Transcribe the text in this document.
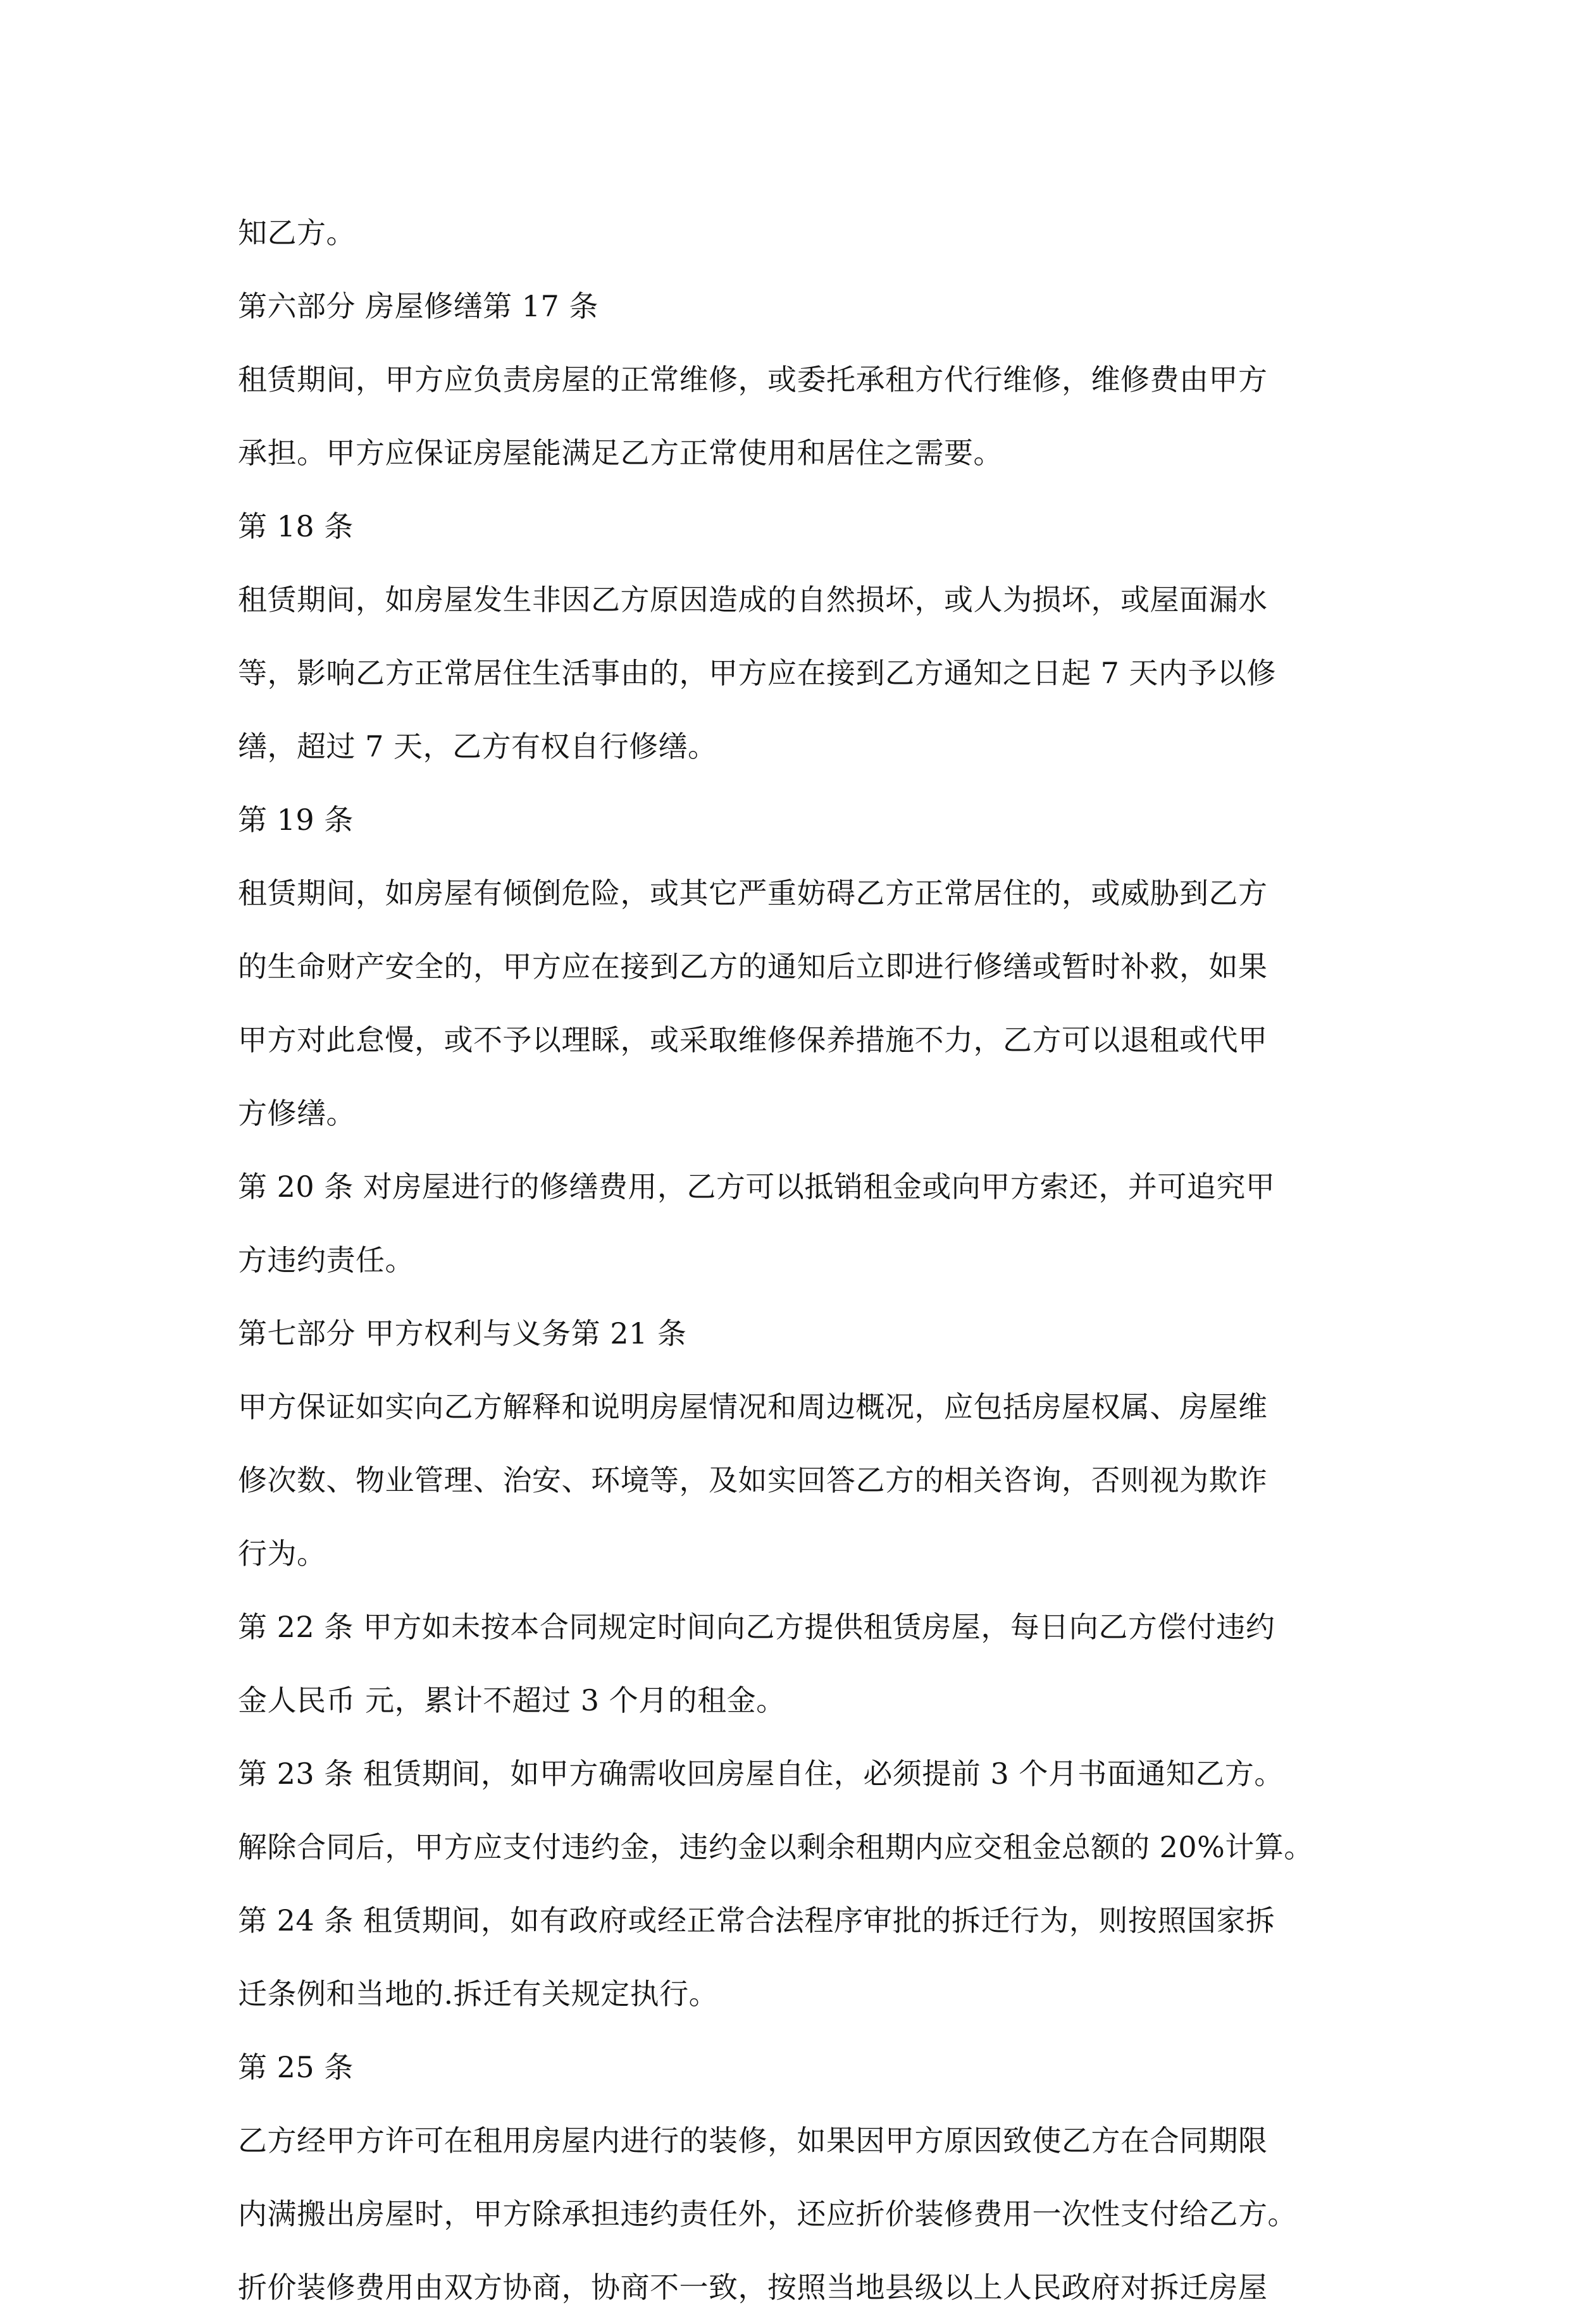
知乙方。
第六部分 房屋修缮第 17 条
租赁期间，甲方应负责房屋的正常维修，或委托承租方代行维修，维修费由甲方
承担。甲方应保证房屋能满足乙方正常使用和居住之需要。
第 18 条
租赁期间，如房屋发生非因乙方原因造成的自然损坏，或人为损坏，或屋面漏水
等，影响乙方正常居住生活事由的，甲方应在接到乙方通知之日起 7 天内予以修
缮，超过 7 天，乙方有权自行修缮。
第 19 条
租赁期间，如房屋有倾倒危险，或其它严重妨碍乙方正常居住的，或威胁到乙方
的生命财产安全的，甲方应在接到乙方的通知后立即进行修缮或暂时补救，如果
甲方对此怠慢，或不予以理睬，或采取维修保养措施不力，乙方可以退租或代甲
方修缮。
第 20 条 对房屋进行的修缮费用，乙方可以抵销租金或向甲方索还，并可追究甲
方违约责任。
第七部分 甲方权利与义务第 21 条
甲方保证如实向乙方解释和说明房屋情况和周边概况，应包括房屋权属、房屋维
修次数、物业管理、治安、环境等，及如实回答乙方的相关咨询，否则视为欺诈
行为。
第 22 条 甲方如未按本合同规定时间向乙方提供租赁房屋，每日向乙方偿付违约
金人民币 元，累计不超过 3 个月的租金。
第 23 条 租赁期间，如甲方确需收回房屋自住，必须提前 3 个月书面通知乙方。
解除合同后，甲方应支付违约金，违约金以剩余租期内应交租金总额的 20%计算。
第 24 条 租赁期间，如有政府或经正常合法程序审批的拆迁行为，则按照国家拆
迁条例和当地的.拆迁有关规定执行。
第 25 条
乙方经甲方许可在租用房屋内进行的装修，如果因甲方原因致使乙方在合同期限
内满搬出房屋时，甲方除承担违约责任外，还应折价装修费用一次性支付给乙方。
折价装修费用由双方协商，协商不一致，按照当地县级以上人民政府对拆迁房屋
